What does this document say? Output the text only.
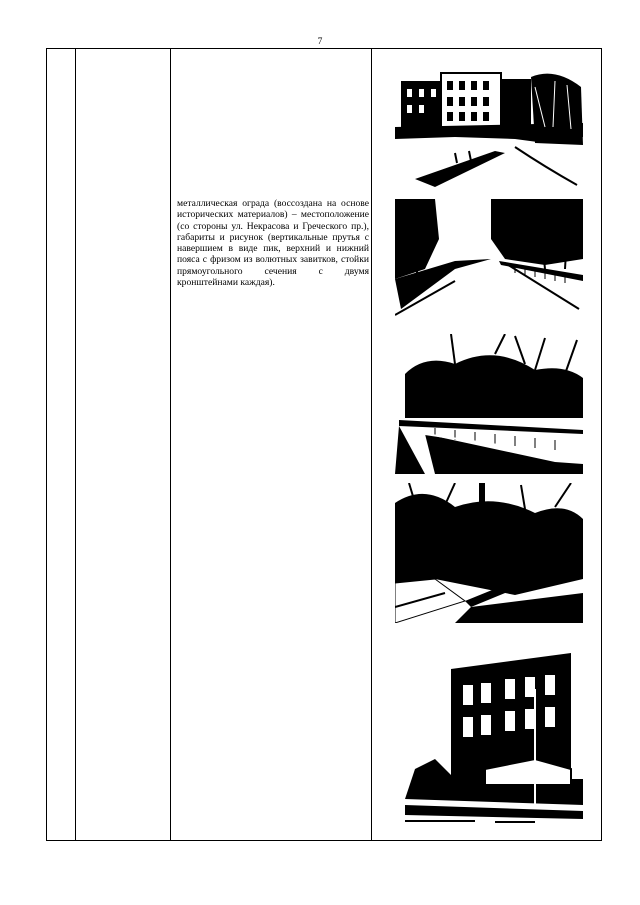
7
металлическая ограда (воссоздана на основе исторических материалов) – местоположение (со стороны ул. Некрасова и Греческого пр.), габариты и рисунок (вертикальные прутья с навершием в виде пик, верхний и нижний пояса с фризом из волютных завитков, стойки прямоугольного сечения с двумя кронштейнами каждая).
